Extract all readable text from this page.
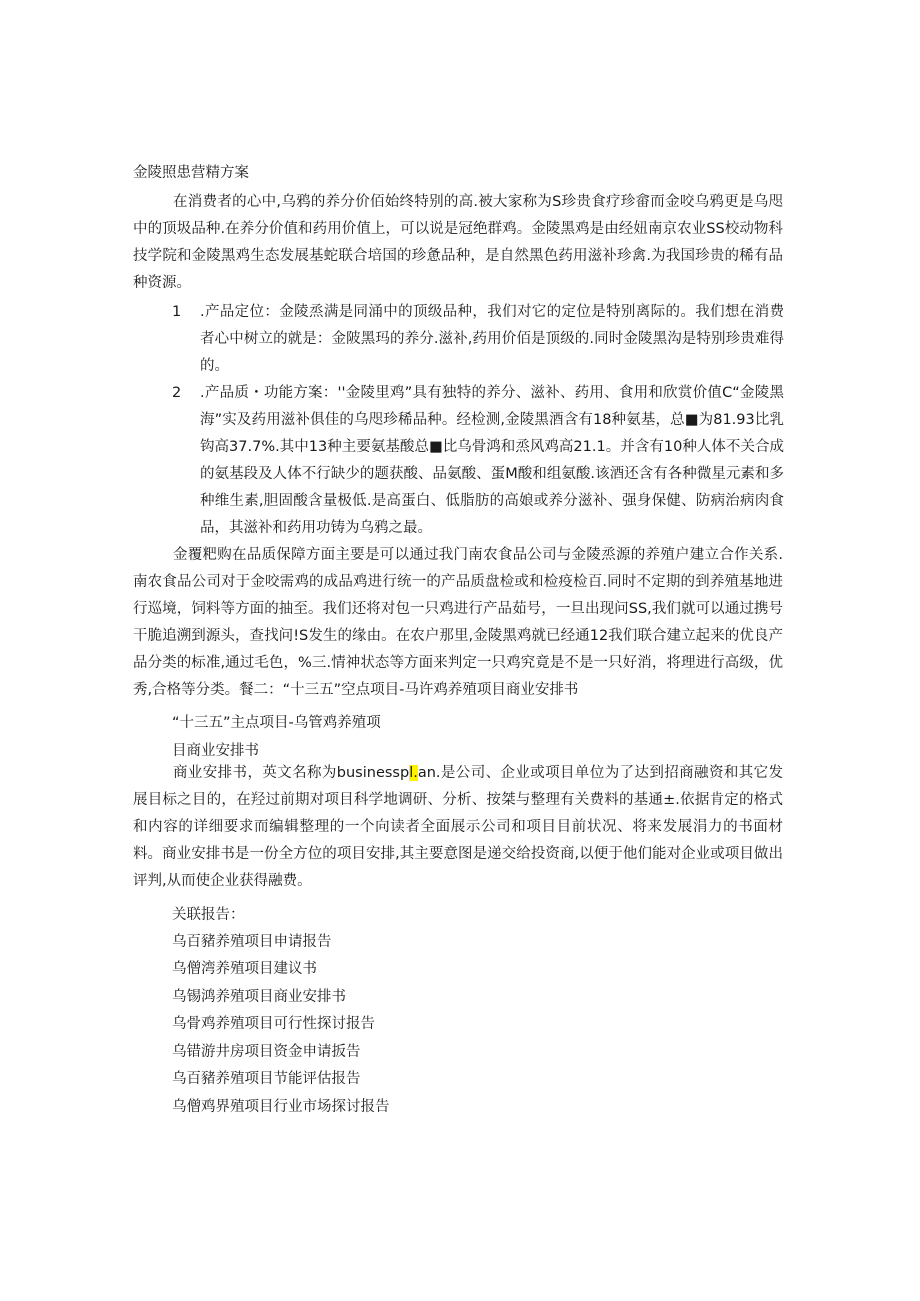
金陵照患营精方案
在消费者的心中,乌鸦的养分价佰始终特别的高.被大家称为S珍贵食疗珍畲而金咬乌鸦更是乌咫中的顶圾品种.在养分价值和药用价值上，可以说是冠绝群鸡。金陵黑鸡是由经妞南京农业SS校动物科技学院和金陵黑鸡生态发展基蛇联合培国的珍惫品种，是自然黑色药用滋补珍禽.为我国珍贵的稀有品种资源。
1 .产品定位：金陵烝满是同涌中的顶级品种，我们对它的定位是特别离际的。我们想在消费者心中树立的就是：金陂黑玛的养分.滋补,药用价佰是顶级的.同时金陵黑沟是特别珍贵难得的。
2 .产品质・功能方案：''金陵里鸡”具有独特的养分、滋补、药用、食用和欣赏价值C“金陵黑海”实及药用滋补俱佳的乌咫珍稀品种。经检测,金陵黑酒含有18种氨基，总■为81.93比乳钩高37.7%.其中13种主要氨基酸总■比乌骨鸿和烝风鸡高21.1。并含有10种人体不关合成的氨基段及人体不行缺少的题获酸、品氨酸、蛋M酸和组氨酸.该酒还含有各种微星元素和多种维生素,胆固酸含量极低.是高蛋白、低脂肪的高娘或养分滋补、强身保健、防病治病肉食品，其滋补和药用功铸为乌鸦之最。
金覆粑购在品质保障方面主要是可以通过我门南农食品公司与金陵烝源的养殖户建立合作关系.南农食品公司对于金咬需鸡的成品鸡进行统一的产品质盘检或和检疫检百.同时不定期的到养殖基地进行巡境，饲料等方面的抽至。我们还将对包一只鸡进行产品茹号，一旦出现问SS,我们就可以通过携号干脆追溯到源头，查找问!S发生的缘由。在农户那里,金陵黑鸡就已经通12我们联合建立起来的优良产品分类的标准,通过毛色，%三.情神状态等方面来判定一只鸡究竟是不是一只好消，将理进行高级，优秀,合格等分类。餐二：“十三五”空点项目-马许鸡养殖项目商业安排书
“十三五”主点项目-乌管鸡养殖项
目商业安排书
商业安排书，英文名称为businesspl.an.是公司、企业或项目单位为了达到招商融资和其它发展目标之目的，在羟过前期对项目科学地调研、分析、按桀与整理有关费料的基通±.依据肯定的格式和内容的详细要求而编辑整理的一个向读者全面展示公司和项目目前状况、将来发展涓力的书面材料。商业安排书是一份全方位的项目安排,其主要意图是递交给投资商,以便于他们能对企业或项目做出评判,从而使企业获得融费。
关联报告：
乌百豬养殖项目申请报告
乌僧湾养殖项目建议书
乌锡鸿养殖项目商业安排书
乌骨鸡养殖项目可行性探讨报告
乌错游井房项目资金申请扳告
乌百豬养殖项目节能评估报告
乌僧鸡界殖项目行业市场探讨报告
